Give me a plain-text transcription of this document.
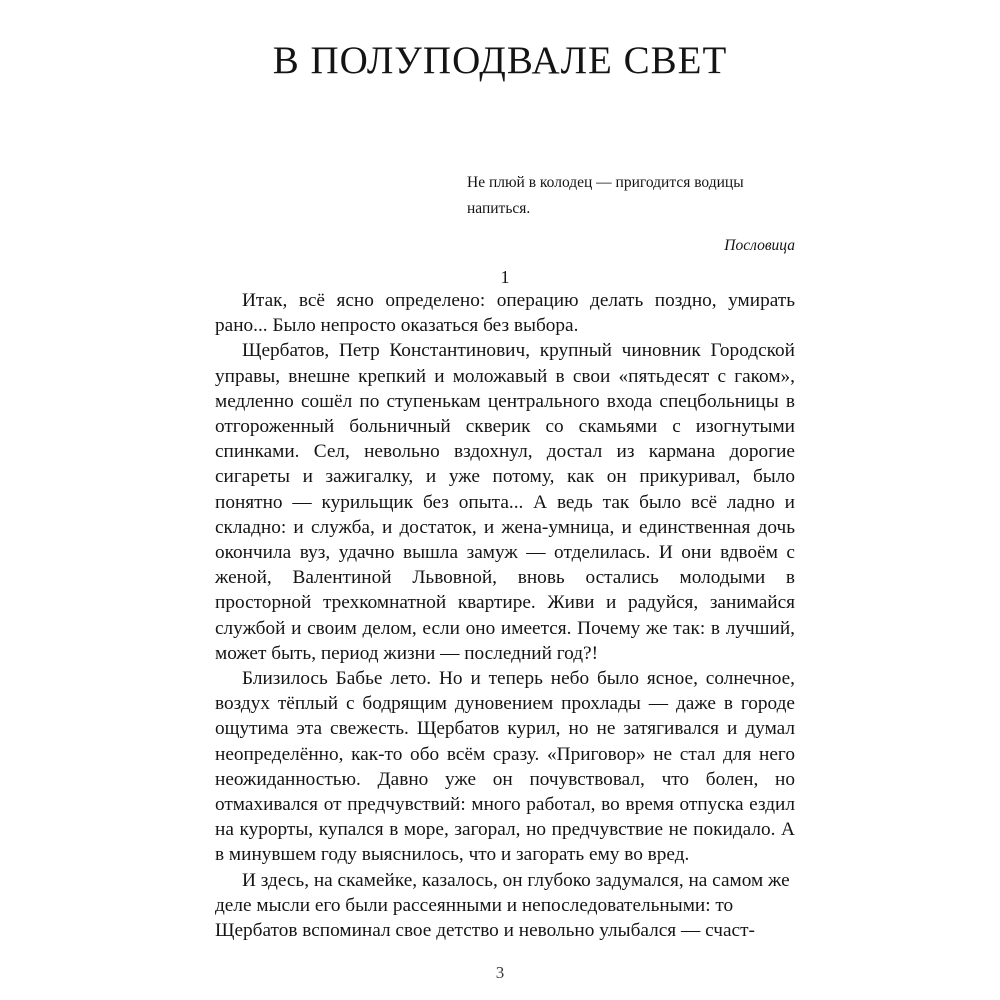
В ПОЛУПОДВАЛЕ СВЕТ
Не плюй в колодец — пригодится водицы напиться.
Пословица
1

Итак, всё ясно определено: операцию делать поздно, умирать рано... Было непросто оказаться без выбора.

Щербатов, Петр Константинович, крупный чиновник Городской управы, внешне крепкий и моложавый в свои «пятьдесят с гаком», медленно сошёл по ступенькам центрального входа спецбольницы в отгороженный больничный скверик со скамьями с изогнутыми спинками. Сел, невольно вздохнул, достал из кармана дорогие сигареты и зажигалку, и уже потому, как он прикуривал, было понятно — курильщик без опыта... А ведь так было всё ладно и складно: и служба, и достаток, и жена-умница, и единственная дочь окончила вуз, удачно вышла замуж — отделилась. И они вдвоём с женой, Валентиной Львовной, вновь остались молодыми в просторной трехкомнатной квартире. Живи и радуйся, занимайся службой и своим делом, если оно имеется. Почему же так: в лучший, может быть, период жизни — последний год?!

Близилось Бабье лето. Но и теперь небо было ясное, солнечное, воздух тёплый с бодрящим дуновением прохлады — даже в городе ощутима эта свежесть. Щербатов курил, но не затягивался и думал неопределённо, как-то обо всём сразу. «Приговор» не стал для него неожиданностью. Давно уже он почувствовал, что болен, но отмахивался от предчувствий: много работал, во время отпуска ездил на курорты, купался в море, загорал, но предчувствие не покидало. А в минувшем году выяснилось, что и загорать ему во вред.

И здесь, на скамейке, казалось, он глубоко задумался, на самом же деле мысли его были рассеянными и непоследовательными: то Щербатов вспоминал свое детство и невольно улыбался — счаст-

3
